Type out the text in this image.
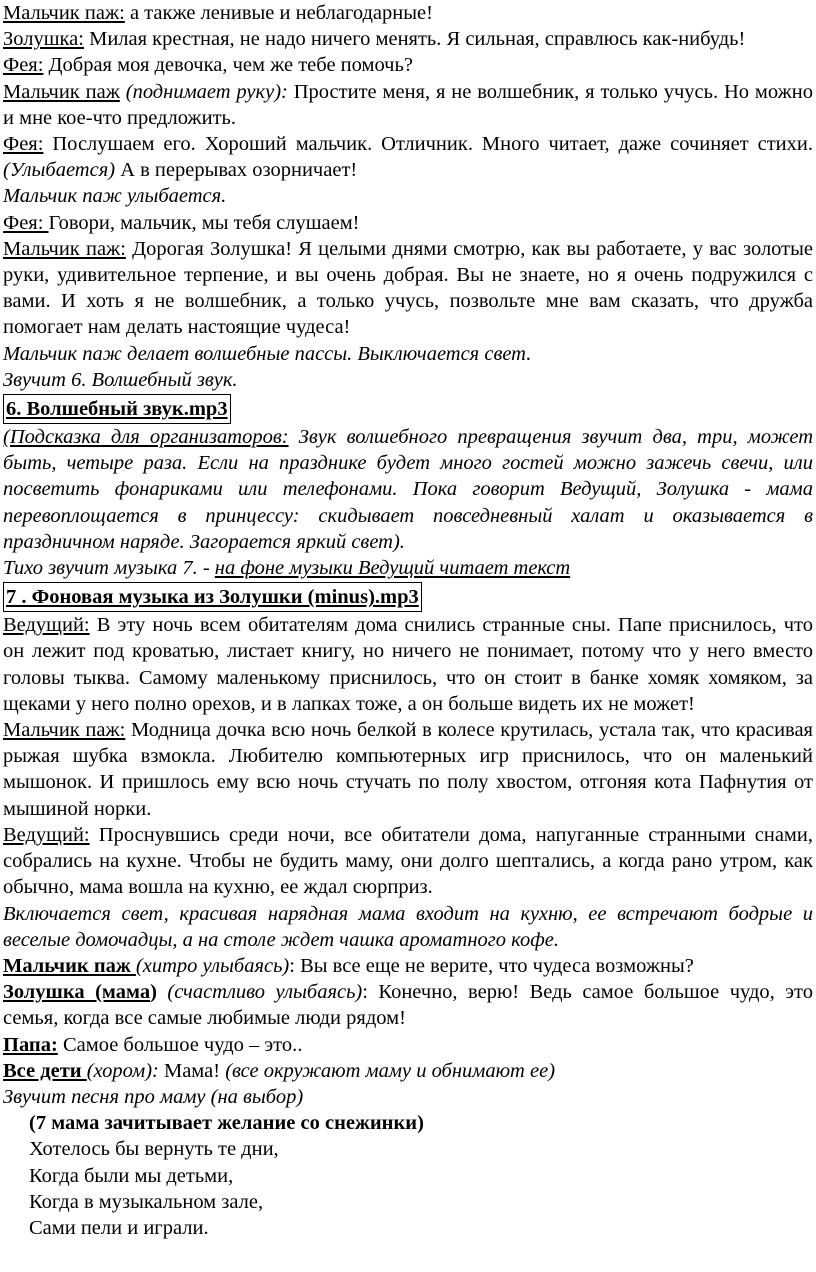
Мальчик паж: а также ленивые и неблагодарные!

Золушка: Милая крестная, не надо ничего менять. Я сильная, справлюсь как-нибудь!

Фея: Добрая моя девочка, чем же тебе помочь?

Мальчик паж (поднимает руку): Простите меня, я не волшебник, я только учусь. Но можно и мне кое-что предложить.

Фея: Послушаем его. Хороший мальчик. Отличник. Много читает, даже сочиняет стихи. (Улыбается) А в перерывах озорничает!

Мальчик паж улыбается.

Фея: Говори, мальчик, мы тебя слушаем!

Мальчик паж: Дорогая Золушка! Я целыми днями смотрю, как вы работаете, у вас золотые руки, удивительное терпение, и вы очень добрая. Вы не знаете, но я очень подружился с вами. И хоть я не волшебник, а только учусь, позвольте мне вам сказать, что дружба помогает нам делать настоящие чудеса!

Мальчик паж делает волшебные пассы. Выключается свет.

Звучит 6. Волшебный звук.

6. Волшебный звук.mp3

(Подсказка для организаторов: Звук волшебного превращения звучит два, три, может быть, четыре раза. Если на празднике будет много гостей можно зажечь свечи, или посветить фонариками или телефонами. Пока говорит Ведущий, Золушка - мама перевоплощается в принцессу: скидывает повседневный халат и оказывается в праздничном наряде. Загорается яркий свет).

Тихо звучит музыка 7. - на фоне музыки Ведущий читает текст

7 . Фоновая музыка из Золушки (minus).mp3

Ведущий: В эту ночь всем обитателям дома снились странные сны. Папе приснилось, что он лежит под кроватью, листает книгу, но ничего не понимает, потому что у него вместо головы тыква. Самому маленькому приснилось, что он стоит в банке хомяк хомяком, за щеками у него полно орехов, и в лапках тоже, а он больше видеть их не может!

Мальчик паж: Модница дочка всю ночь белкой в колесе крутилась, устала так, что красивая рыжая шубка взмокла. Любителю компьютерных игр приснилось, что он маленький мышонок. И пришлось ему всю ночь стучать по полу хвостом, отгоняя кота Пафнутия от мышиной норки.

Ведущий: Проснувшись среди ночи, все обитатели дома, напуганные странными снами, собрались на кухне. Чтобы не будить маму, они долго шептались, а когда рано утром, как обычно, мама вошла на кухню, ее ждал сюрприз.

Включается свет, красивая нарядная мама входит на кухню, ее встречают бодрые и веселые домочадцы, а на столе ждет чашка ароматного кофе.

Мальчик паж (хитро улыбаясь): Вы все еще не верите, что чудеса возможны?

Золушка (мама) (счастливо улыбаясь): Конечно, верю! Ведь самое большое чудо, это семья, когда все самые любимые люди рядом!

Папа: Самое большое чудо – это..

Все дети (хором): Мама! (все окружают маму и обнимают ее)

Звучит песня про маму (на выбор)

(7 мама зачитывает желание со снежинки)

Хотелось бы вернуть те дни,

Когда были мы детьми,

Когда в музыкальном зале,

Сами пели и играли.
